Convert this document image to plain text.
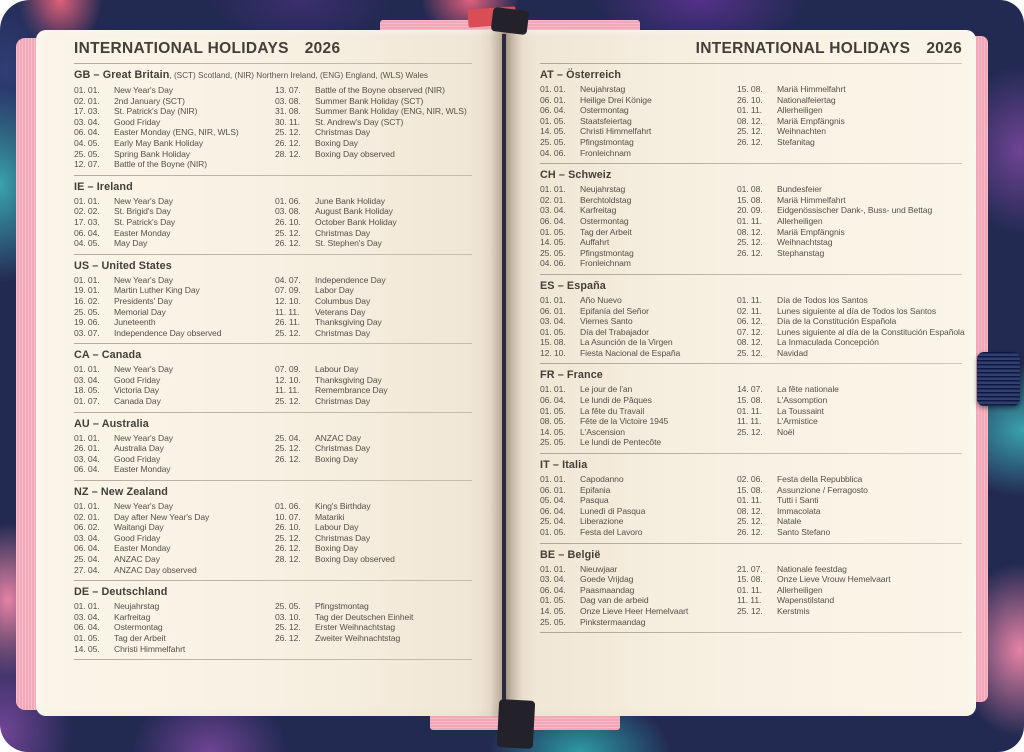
INTERNATIONAL HOLIDAYS 2026
GB – Great Britain, (SCT) Scotland, (NIR) Northern Ireland, (ENG) England, (WLS) Wales
01. 01.	New Year's Day
02. 01.	2nd January (SCT)
17. 03.	St. Patrick's Day (NIR)
03. 04.	Good Friday
06. 04.	Easter Monday (ENG, NIR, WLS)
04. 05.	Early May Bank Holiday
25. 05.	Spring Bank Holiday
12. 07.	Battle of the Boyne (NIR)
13. 07.	Battle of the Boyne observed (NIR)
03. 08.	Summer Bank Holiday (SCT)
31. 08.	Summer Bank Holiday (ENG, NIR, WLS)
30. 11.	St. Andrew's Day (SCT)
25. 12.	Christmas Day
26. 12.	Boxing Day
28. 12.	Boxing Day observed
IE – Ireland
01. 01.	New Year's Day
02. 02.	St. Brigid's Day
17. 03.	St. Patrick's Day
06. 04.	Easter Monday
04. 05.	May Day
01. 06.	June Bank Holiday
03. 08.	August Bank Holiday
26. 10.	October Bank Holiday
25. 12.	Christmas Day
26. 12.	St. Stephen's Day
US – United States
01. 01.	New Year's Day
19. 01.	Martin Luther King Day
16. 02.	Presidents' Day
25. 05.	Memorial Day
19. 06.	Juneteenth
03. 07.	Independence Day observed
04. 07.	Independence Day
07. 09.	Labor Day
12. 10.	Columbus Day
11. 11.	Veterans Day
26. 11.	Thanksgiving Day
25. 12.	Christmas Day
CA – Canada
01. 01.	New Year's Day
03. 04.	Good Friday
18. 05.	Victoria Day
01. 07.	Canada Day
07. 09.	Labour Day
12. 10.	Thanksgiving Day
11. 11.	Remembrance Day
25. 12.	Christmas Day
AU – Australia
01. 01.	New Year's Day
26. 01.	Australia Day
03. 04.	Good Friday
06. 04.	Easter Monday
25. 04.	ANZAC Day
25. 12.	Christmas Day
26. 12.	Boxing Day
NZ – New Zealand
01. 01.	New Year's Day
02. 01.	Day after New Year's Day
06. 02.	Waitangi Day
03. 04.	Good Friday
06. 04.	Easter Monday
25. 04.	ANZAC Day
27. 04.	ANZAC Day observed
01. 06.	King's Birthday
10. 07.	Matariki
26. 10.	Labour Day
25. 12.	Christmas Day
26. 12.	Boxing Day
28. 12.	Boxing Day observed
DE – Deutschland
01. 01.	Neujahrstag
03. 04.	Karfreitag
06. 04.	Ostermontag
01. 05.	Tag der Arbeit
14. 05.	Christi Himmelfahrt
25. 05.	Pfingstmontag
03. 10.	Tag der Deutschen Einheit
25. 12.	Erster Weihnachtstag
26. 12.	Zweiter Weihnachtstag
INTERNATIONAL HOLIDAYS 2026
AT – Österreich
01. 01.	Neujahrstag
06. 01.	Heilige Drei Könige
06. 04.	Ostermontag
01. 05.	Staatsfeiertag
14. 05.	Christi Himmelfahrt
25. 05.	Pfingstmontag
04. 06.	Fronleichnam
15. 08.	Mariä Himmelfahrt
26. 10.	Nationalfeiertag
01. 11.	Allerheiligen
08. 12.	Mariä Empfängnis
25. 12.	Weihnachten
26. 12.	Stefanitag
CH – Schweiz
01. 01.	Neujahrstag
02. 01.	Berchtoldstag
03. 04.	Karfreitag
06. 04.	Ostermontag
01. 05.	Tag der Arbeit
14. 05.	Auffahrt
25. 05.	Pfingstmontag
04. 06.	Fronleichnam
01. 08.	Bundesfeier
15. 08.	Mariä Himmelfahrt
20. 09.	Eidgenössischer Dank-, Buss- und Bettag
01. 11.	Allerheiligen
08. 12.	Mariä Empfängnis
25. 12.	Weihnachtstag
26. 12.	Stephanstag
ES – España
01. 01.	Año Nuevo
06. 01.	Epifanía del Señor
03. 04.	Viernes Santo
01. 05.	Día del Trabajador
15. 08.	La Asunción de la Virgen
12. 10.	Fiesta Nacional de España
01. 11.	Día de Todos los Santos
02. 11.	Lunes siguiente al día de Todos los Santos
06. 12.	Día de la Constitución Española
07. 12.	Lunes siguiente al día de la Constitución Española
08. 12.	La Inmaculada Concepción
25. 12.	Navidad
FR – France
01. 01.	Le jour de l'an
06. 04.	Le lundi de Pâques
01. 05.	La fête du Travail
08. 05.	Fête de la Victoire 1945
14. 05.	L'Ascension
25. 05.	Le lundi de Pentecôte
14. 07.	La fête nationale
15. 08.	L'Assomption
01. 11.	La Toussaint
11. 11.	L'Armistice
25. 12.	Noël
IT – Italia
01. 01.	Capodanno
06. 01.	Epifania
05. 04.	Pasqua
06. 04.	Lunedì di Pasqua
25. 04.	Liberazione
01. 05.	Festa del Lavoro
02. 06.	Festa della Repubblica
15. 08.	Assunzione / Ferragosto
01. 11.	Tutti i Santi
08. 12.	Immacolata
25. 12.	Natale
26. 12.	Santo Stefano
BE – België
01. 01.	Nieuwjaar
03. 04.	Goede Vrijdag
06. 04.	Paasmaandag
01. 05.	Dag van de arbeid
14. 05.	Onze Lieve Heer Hemelvaart
25. 05.	Pinkstermaandag
21. 07.	Nationale feestdag
15. 08.	Onze Lieve Vrouw Hemelvaart
01. 11.	Allerheiligen
11. 11.	Wapenstilstand
25. 12.	Kerstmis
